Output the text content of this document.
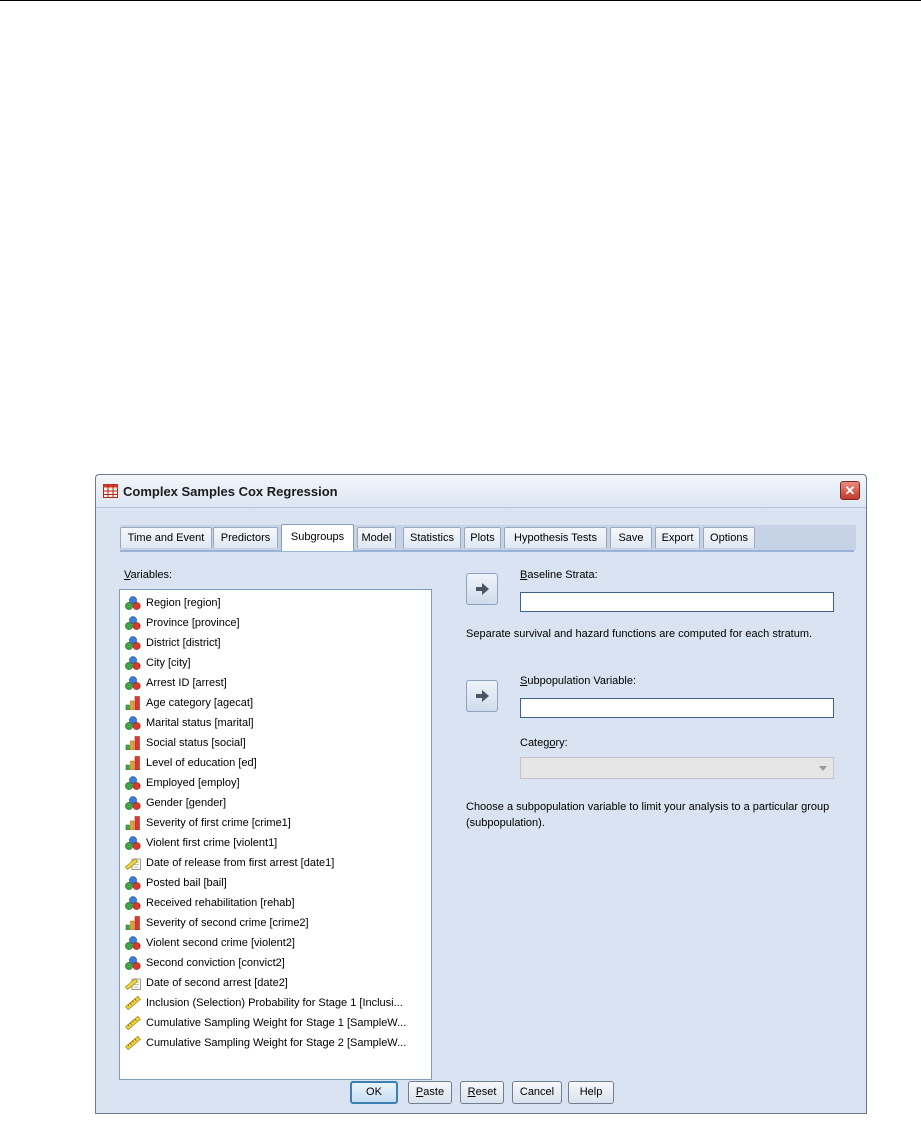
Complex Samples Cox Regression	✕
Time and Event	Predictors	Subgroups	Model	Statistics	Plots	Hypothesis Tests	Save	Export	Options
Variables:
Region [region]
Province [province]
District [district]
City [city]
Arrest ID [arrest]
Age category [agecat]
Marital status [marital]
Social status [social]
Level of education [ed]
Employed [employ]
Gender [gender]
Severity of first crime [crime1]
Violent first crime [violent1]
Date of release from first arrest [date1]
Posted bail [bail]
Received rehabilitation [rehab]
Severity of second crime [crime2]
Violent second crime [violent2]
Second conviction [convict2]
Date of second arrest [date2]
Inclusion (Selection) Probability for Stage 1 [Inclusi...
Cumulative Sampling Weight for Stage 1 [SampleW...
Cumulative Sampling Weight for Stage 2 [SampleW...
Baseline Strata:
Separate survival and hazard functions are computed for each stratum.
Subpopulation Variable:
Category:
Choose a subpopulation variable to limit your analysis to a particular group (subpopulation).
OK	Paste	Reset	Cancel	Help
